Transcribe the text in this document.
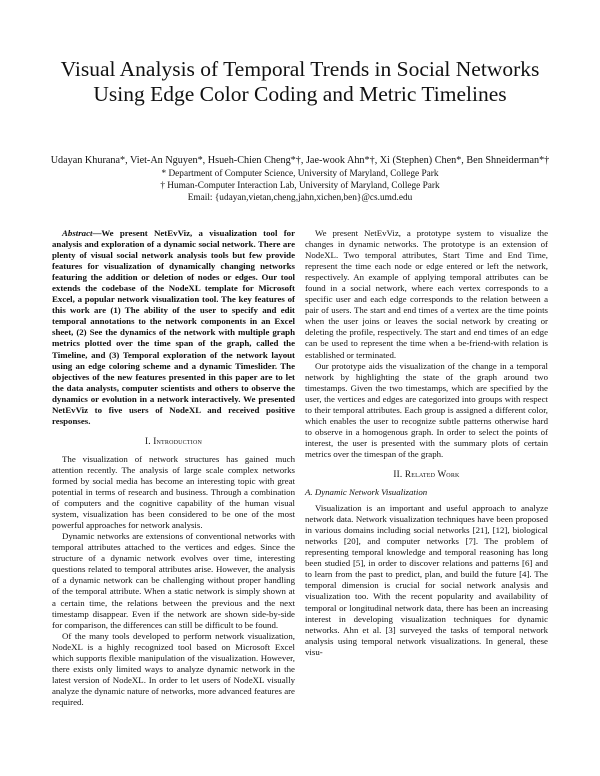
Visual Analysis of Temporal Trends in Social Networks Using Edge Color Coding and Metric Timelines
Udayan Khurana*, Viet-An Nguyen*, Hsueh-Chien Cheng*†, Jae-wook Ahn*†, Xi (Stephen) Chen*, Ben Shneiderman*†
* Department of Computer Science, University of Maryland, College Park
† Human-Computer Interaction Lab, University of Maryland, College Park
Email: {udayan,vietan,cheng,jahn,xichen,ben}@cs.umd.edu

Abstract—We present NetEvViz, a visualization tool for analysis and exploration of a dynamic social network. There are plenty of visual social network analysis tools but few provide features for visualization of dynamically changing networks featuring the addition or deletion of nodes or edges. Our tool extends the codebase of the NodeXL template for Microsoft Excel, a popular network visualization tool. The key features of this work are (1) The ability of the user to specify and edit temporal annotations to the network components in an Excel sheet, (2) See the dynamics of the network with multiple graph metrics plotted over the time span of the graph, called the Timeline, and (3) Temporal exploration of the network layout using an edge coloring scheme and a dynamic Timeslider. The objectives of the new features presented in this paper are to let the data analysts, computer scientists and others to observe the dynamics or evolution in a network interactively. We presented NetEvViz to five users of NodeXL and received positive responses.

I. Introduction

The visualization of network structures has gained much attention recently. The analysis of large scale complex networks formed by social media has become an interesting topic with great potential in terms of research and business. Through a combination of computers and the cognitive capability of the human visual system, visualization has been considered to be one of the most powerful approaches for network analysis.

Dynamic networks are extensions of conventional networks with temporal attributes attached to the vertices and edges. Since the structure of a dynamic network evolves over time, interesting questions related to temporal attributes arise. However, the analysis of a dynamic network can be challenging without proper handling of the temporal attribute. When a static network is simply shown at a certain time, the relations between the previous and the next timestamp disappear. Even if the network are shown side-by-side for comparison, the differences can still be difficult to be found.

Of the many tools developed to perform network visualization, NodeXL is a highly recognized tool based on Microsoft Excel which supports flexible manipulation of the visualization. However, there exists only limited ways to analyze dynamic network in the latest version of NodeXL. In order to let users of NodeXL visually analyze the dynamic nature of networks, more advanced features are required.

We present NetEvViz, a prototype system to visualize the changes in dynamic networks. The prototype is an extension of NodeXL. Two temporal attributes, Start Time and End Time, represent the time each node or edge entered or left the network, respectively. An example of applying temporal attributes can be found in a social network, where each vertex corresponds to a specific user and each edge corresponds to the relation between a pair of users. The start and end times of a vertex are the time points when the user joins or leaves the social network by creating or deleting the profile, respectively. The start and end times of an edge can be used to represent the time when a be-friend-with relation is established or terminated.

Our prototype aids the visualization of the change in a temporal network by highlighting the state of the graph around two timestamps. Given the two timestamps, which are specified by the user, the vertices and edges are categorized into groups with respect to their temporal attributes. Each group is assigned a different color, which enables the user to recognize subtle patterns otherwise hard to observe in a homogenous graph. In order to select the points of interest, the user is presented with the summary plots of certain metrics over the timespan of the graph.

II. Related Work
A. Dynamic Network Visualization

Visualization is an important and useful approach to analyze network data. Network visualization techniques have been proposed in various domains including social networks [21], [12], biological networks [20], and computer networks [7]. The problem of representing temporal knowledge and temporal reasoning has long been studied [5], in order to discover relations and patterns [6] and to learn from the past to predict, plan, and build the future [4]. The temporal dimension is crucial for social network analysis and visualization too. With the recent popularity and availability of temporal or longitudinal network data, there has been an increasing interest in developing visualization techniques for dynamic networks. Ahn et al. [3] surveyed the tasks of temporal network analysis using temporal network visualizations. In general, these visu-
